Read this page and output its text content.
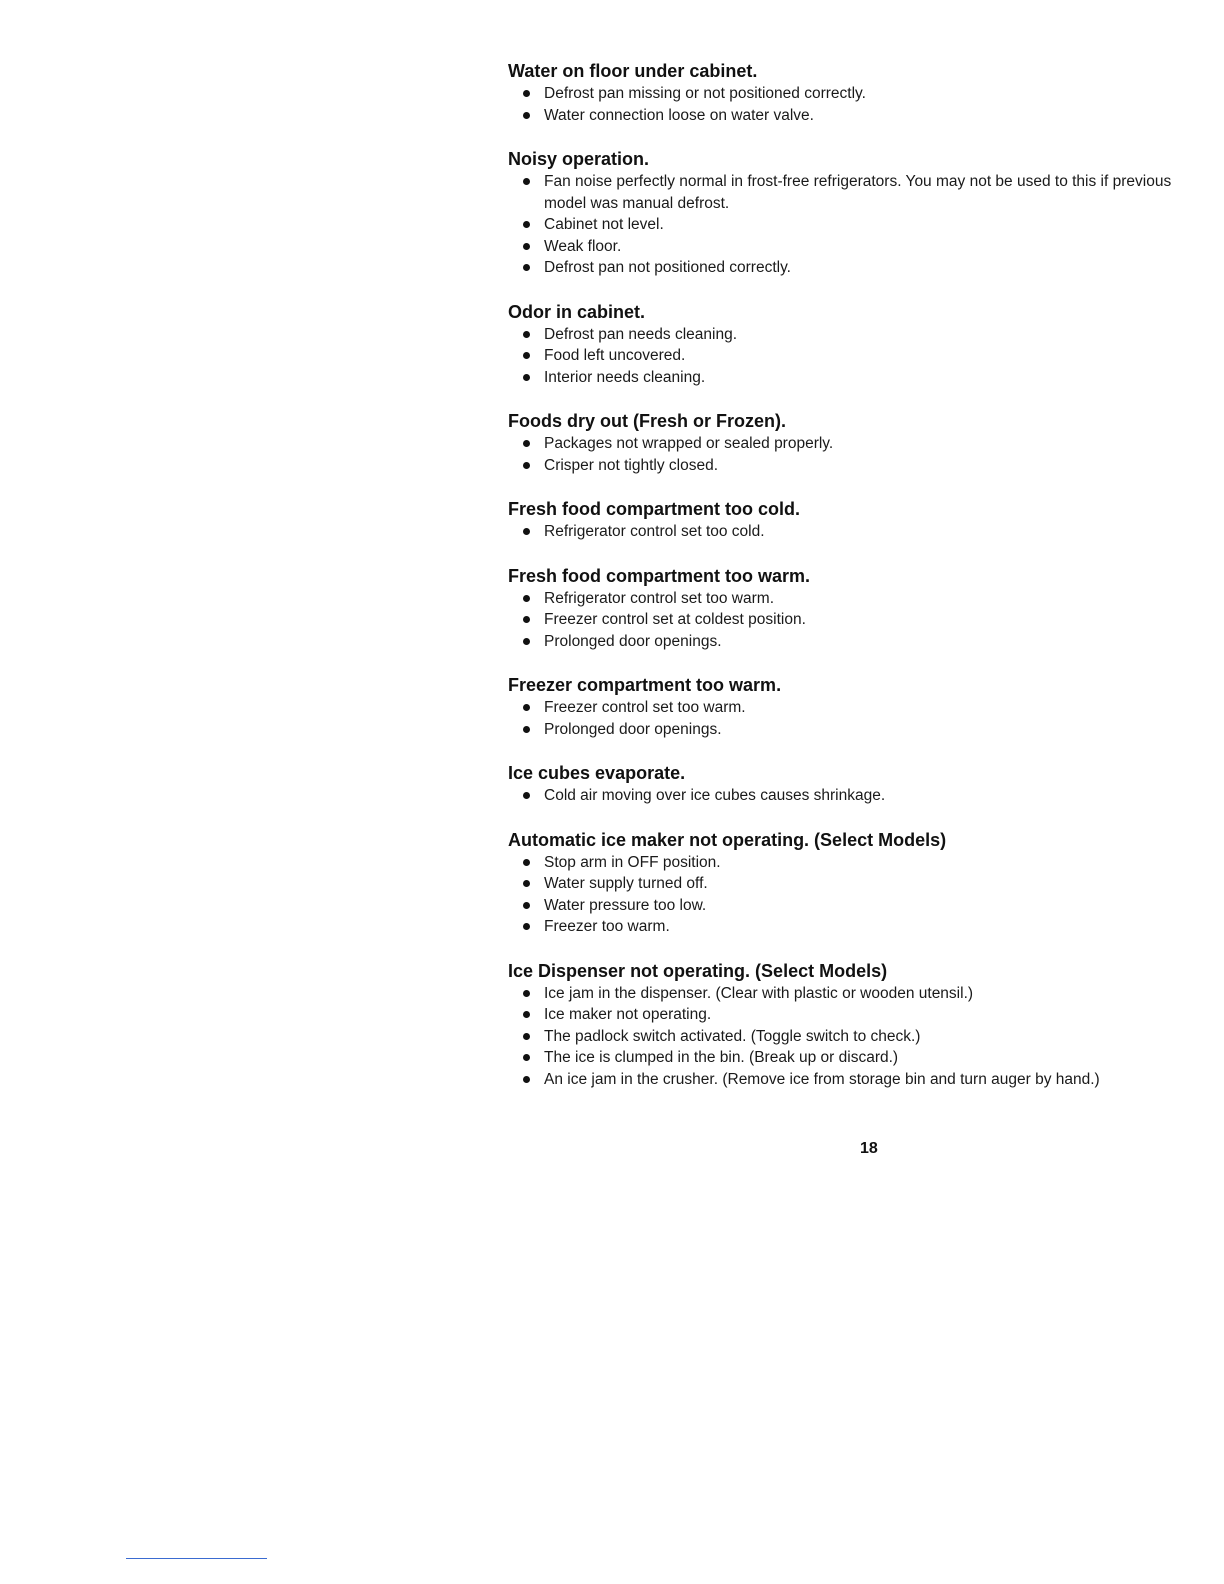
Water on floor under cabinet.
Defrost pan missing or not positioned correctly.
Water connection loose on water valve.
Noisy operation.
Fan noise perfectly normal in frost-free refrigerators. You may not be used to this if previous model was manual defrost.
Cabinet not level.
Weak floor.
Defrost pan not positioned correctly.
Odor in cabinet.
Defrost pan needs cleaning.
Food left uncovered.
Interior needs cleaning.
Foods dry out (Fresh or Frozen).
Packages not wrapped or sealed properly.
Crisper not tightly closed.
Fresh food compartment too cold.
Refrigerator control set too cold.
Fresh food compartment too warm.
Refrigerator control set too warm.
Freezer control set at coldest position.
Prolonged door openings.
Freezer compartment too warm.
Freezer control set too warm.
Prolonged door openings.
Ice cubes evaporate.
Cold air moving over ice cubes causes shrinkage.
Automatic ice maker not operating. (Select Models)
Stop arm in OFF position.
Water supply turned off.
Water pressure too low.
Freezer too warm.
Ice Dispenser not operating. (Select Models)
Ice jam in the dispenser. (Clear with plastic or wooden utensil.)
Ice maker not operating.
The padlock switch activated. (Toggle switch to check.)
The ice is clumped in the bin. (Break up or discard.)
An ice jam in the crusher. (Remove ice from storage bin and turn auger by hand.)
18
